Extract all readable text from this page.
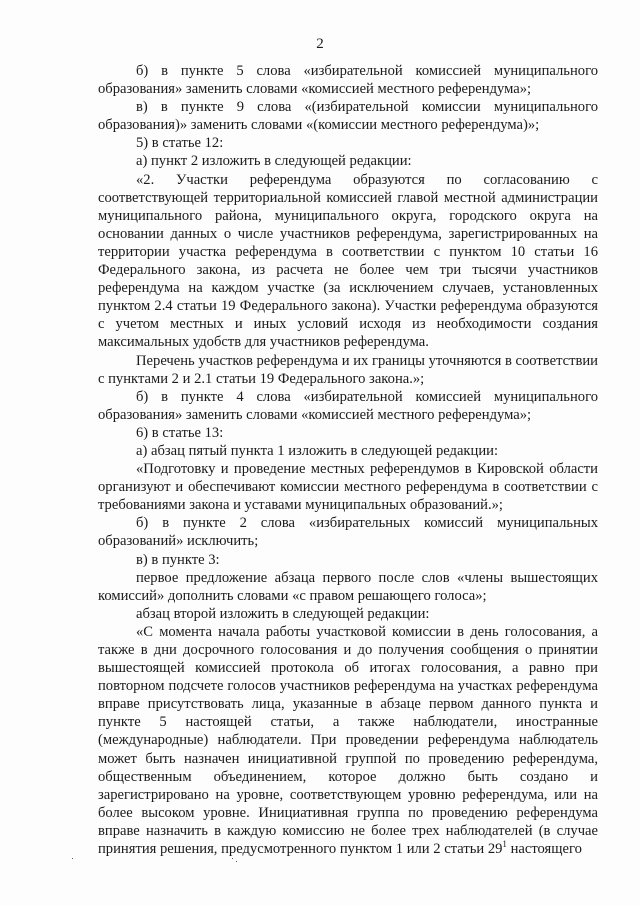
2

б) в пункте 5 слова «избирательной комиссией муниципального образования» заменить словами «комиссией местного референдума»;

в) в пункте 9 слова «(избирательной комиссии муниципального образования)» заменить словами «(комиссии местного референдума)»;

5) в статье 12:

а) пункт 2 изложить в следующей редакции:

«2. Участки референдума образуются по согласованию с соответствующей территориальной комиссией главой местной администрации муниципального района, муниципального округа, городского округа на основании данных о числе участников референдума, зарегистрированных на территории участка референдума в соответствии с пунктом 10 статьи 16 Федерального закона, из расчета не более чем три тысячи участников референдума на каждом участке (за исключением случаев, установленных пунктом 2.4 статьи 19 Федерального закона). Участки референдума образуются с учетом местных и иных условий исходя из необходимости создания максимальных удобств для участников референдума.

Перечень участков референдума и их границы уточняются в соответствии с пунктами 2 и 2.1 статьи 19 Федерального закона.»;

б) в пункте 4 слова «избирательной комиссией муниципального образования» заменить словами «комиссией местного референдума»;

6) в статье 13:

а) абзац пятый пункта 1 изложить в следующей редакции:

«Подготовку и проведение местных референдумов в Кировской области организуют и обеспечивают комиссии местного референдума в соответствии с требованиями закона и уставами муниципальных образований.»;

б) в пункте 2 слова «избирательных комиссий муниципальных образований» исключить;

в) в пункте 3:

первое предложение абзаца первого после слов «члены вышестоящих комиссий» дополнить словами «с правом решающего голоса»;

абзац второй изложить в следующей редакции:

«С момента начала работы участковой комиссии в день голосования, а также в дни досрочного голосования и до получения сообщения о принятии вышестоящей комиссией протокола об итогах голосования, а равно при повторном подсчете голосов участников референдума на участках референдума вправе присутствовать лица, указанные в абзаце первом данного пункта и пункте 5 настоящей статьи, а также наблюдатели, иностранные (международные) наблюдатели. При проведении референдума наблюдатель может быть назначен инициативной группой по проведению референдума, общественным объединением, которое должно быть создано и зарегистрировано на уровне, соответствующем уровню референдума, или на более высоком уровне. Инициативная группа по проведению референдума вправе назначить в каждую комиссию не более трех наблюдателей (в случае принятия решения, предусмотренного пунктом 1 или 2 статьи $29^1$ настоящего
